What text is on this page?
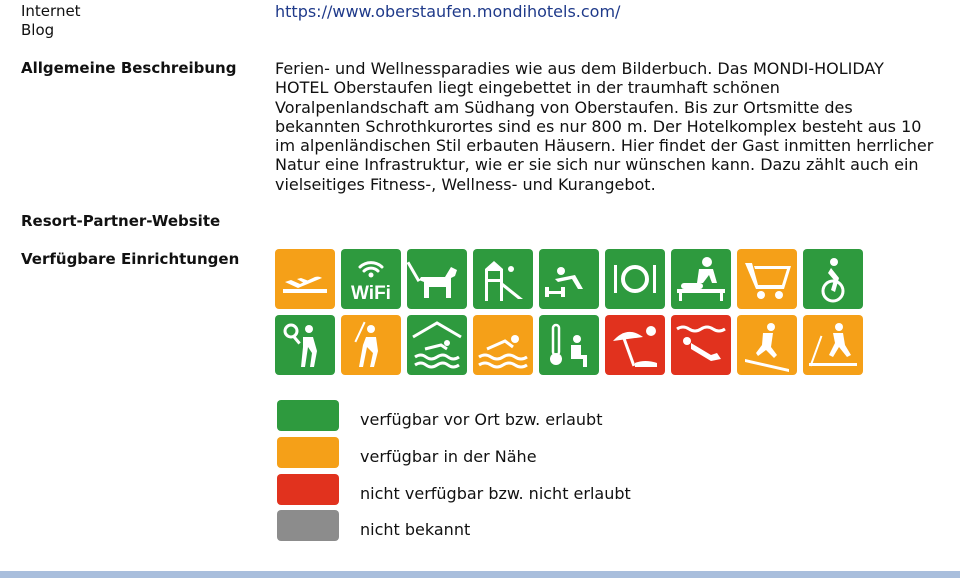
Internet
Blog
https://www.oberstaufen.mondihotels.com/
Allgemeine Beschreibung Ferien- und Wellnessparadies wie aus dem Bilderbuch. Das MONDI-HOLIDAY HOTEL Oberstaufen liegt eingebettet in der traumhaft schönen Voralpenlandschaft am Südhang von Oberstaufen. Bis zur Ortsmitte des bekannten Schrothkurortes sind es nur 800 m. Der Hotelkomplex besteht aus 10 im alpenländischen Stil erbauten Häusern. Hier findet der Gast inmitten herrlicher Natur eine Infrastruktur, wie er sie sich nur wünschen kann. Dazu zählt auch ein vielseitiges Fitness-, Wellness- und Kurangebot.

Resort-Partner-Website
Verfügbare Einrichtungen
WiFi
verfügbar vor Ort bzw. erlaubt
verfügbar in der Nähe
nicht verfügbar bzw. nicht erlaubt
nicht bekannt
